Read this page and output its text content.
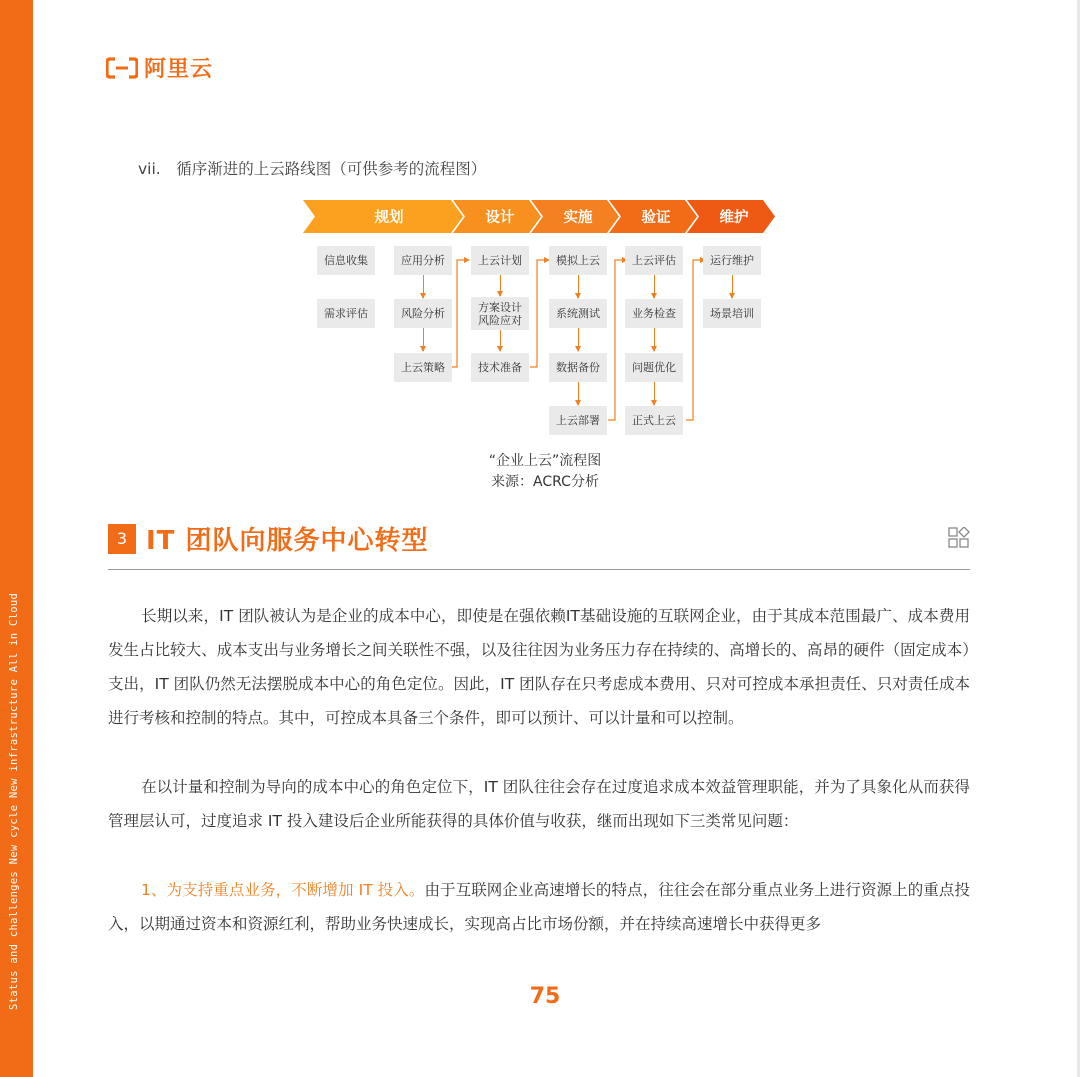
Status and challenges New cycle New infrastructure All in Cloud
阿里云
vii.　循序渐进的上云路线图（可供参考的流程图）
规划	设计	实施	验证	维护
信息收集
需求评估
应用分析
风险分析
上云策略
上云计划
方案设计
风险应对
技术准备
模拟上云
系统测试
数据备份
上云部署
上云评估
业务检查
问题优化
正式上云
运行维护
场景培训
“企业上云”流程图
来源：ACRC分析
3 IT 团队向服务中心转型
长期以来，IT 团队被认为是企业的成本中心，即使是在强依赖IT基础设施的互联网企业，由于其成本范围最广、成本费用发生占比较大、成本支出与业务增长之间关联性不强，以及往往因为业务压力存在持续的、高增长的、高昂的硬件（固定成本）支出，IT 团队仍然无法摆脱成本中心的角色定位。因此，IT 团队存在只考虑成本费用、只对可控成本承担责任、只对责任成本进行考核和控制的特点。其中，可控成本具备三个条件，即可以预计、可以计量和可以控制。
在以计量和控制为导向的成本中心的角色定位下，IT 团队往往会存在过度追求成本效益管理职能，并为了具象化从而获得管理层认可，过度追求 IT 投入建设后企业所能获得的具体价值与收获，继而出现如下三类常见问题：
1、为支持重点业务，不断增加 IT 投入。由于互联网企业高速增长的特点，往往会在部分重点业务上进行资源上的重点投入，以期通过资本和资源红利，帮助业务快速成长，实现高占比市场份额，并在持续高速增长中获得更多
75
